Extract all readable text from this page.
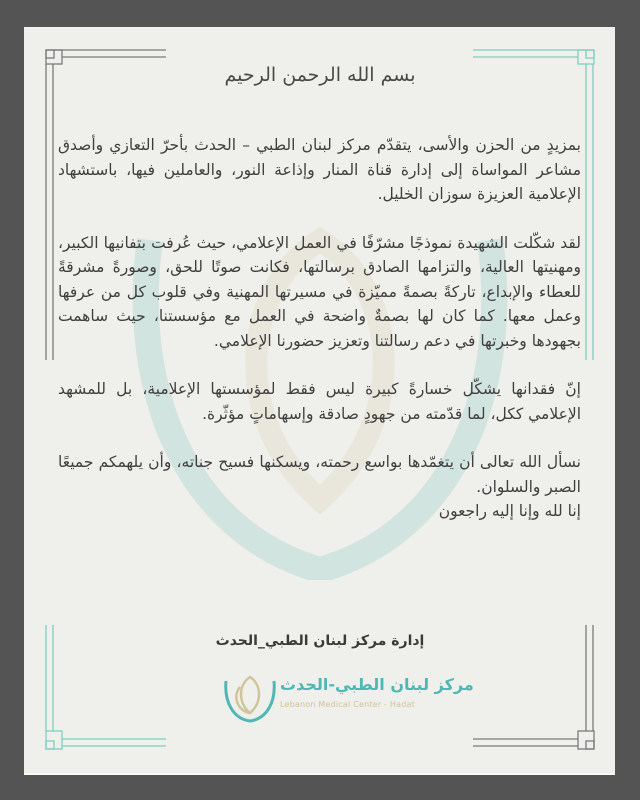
بسم الله الرحمن الرحيم

بمزيدٍ من الحزن والأسى، يتقدّم مركز لبنان الطبي – الحدث بأحرّ التعازي وأصدق مشاعر المواساة إلى إدارة قناة المنار وإذاعة النور، والعاملين فيها، باستشهاد الإعلامية العزيزة سوزان الخليل.

لقد شكّلت الشهيدة نموذجًا مشرّفًا في العمل الإعلامي، حيث عُرفت بتفانيها الكبير، ومهنيتها العالية، والتزامها الصادق برسالتها، فكانت صوتًا للحق، وصورةً مشرقةً للعطاء والإبداع، تاركةً بصمةً مميّزة في مسيرتها المهنية وفي قلوب كل من عرفها وعمل معها. كما كان لها بصمةٌ واضحة في العمل مع مؤسستنا، حيث ساهمت بجهودها وخبرتها في دعم رسالتنا وتعزيز حضورنا الإعلامي.

إنّ فقدانها يشكّل خسارةً كبيرة ليس فقط لمؤسستها الإعلامية، بل للمشهد الإعلامي ككل، لما قدّمته من جهودٍ صادقة وإسهاماتٍ مؤثّرة.

نسأل الله تعالى أن يتغمّدها بواسع رحمته، ويسكنها فسيح جناته، وأن يلهمكم جميعًا الصبر والسلوان.

إنا لله وإنا إليه راجعون

إدارة مركز لبنان الطبي_الحدث
مركز لبنان الطبي-الحدث
Lebanon Medical Center - Hadat
